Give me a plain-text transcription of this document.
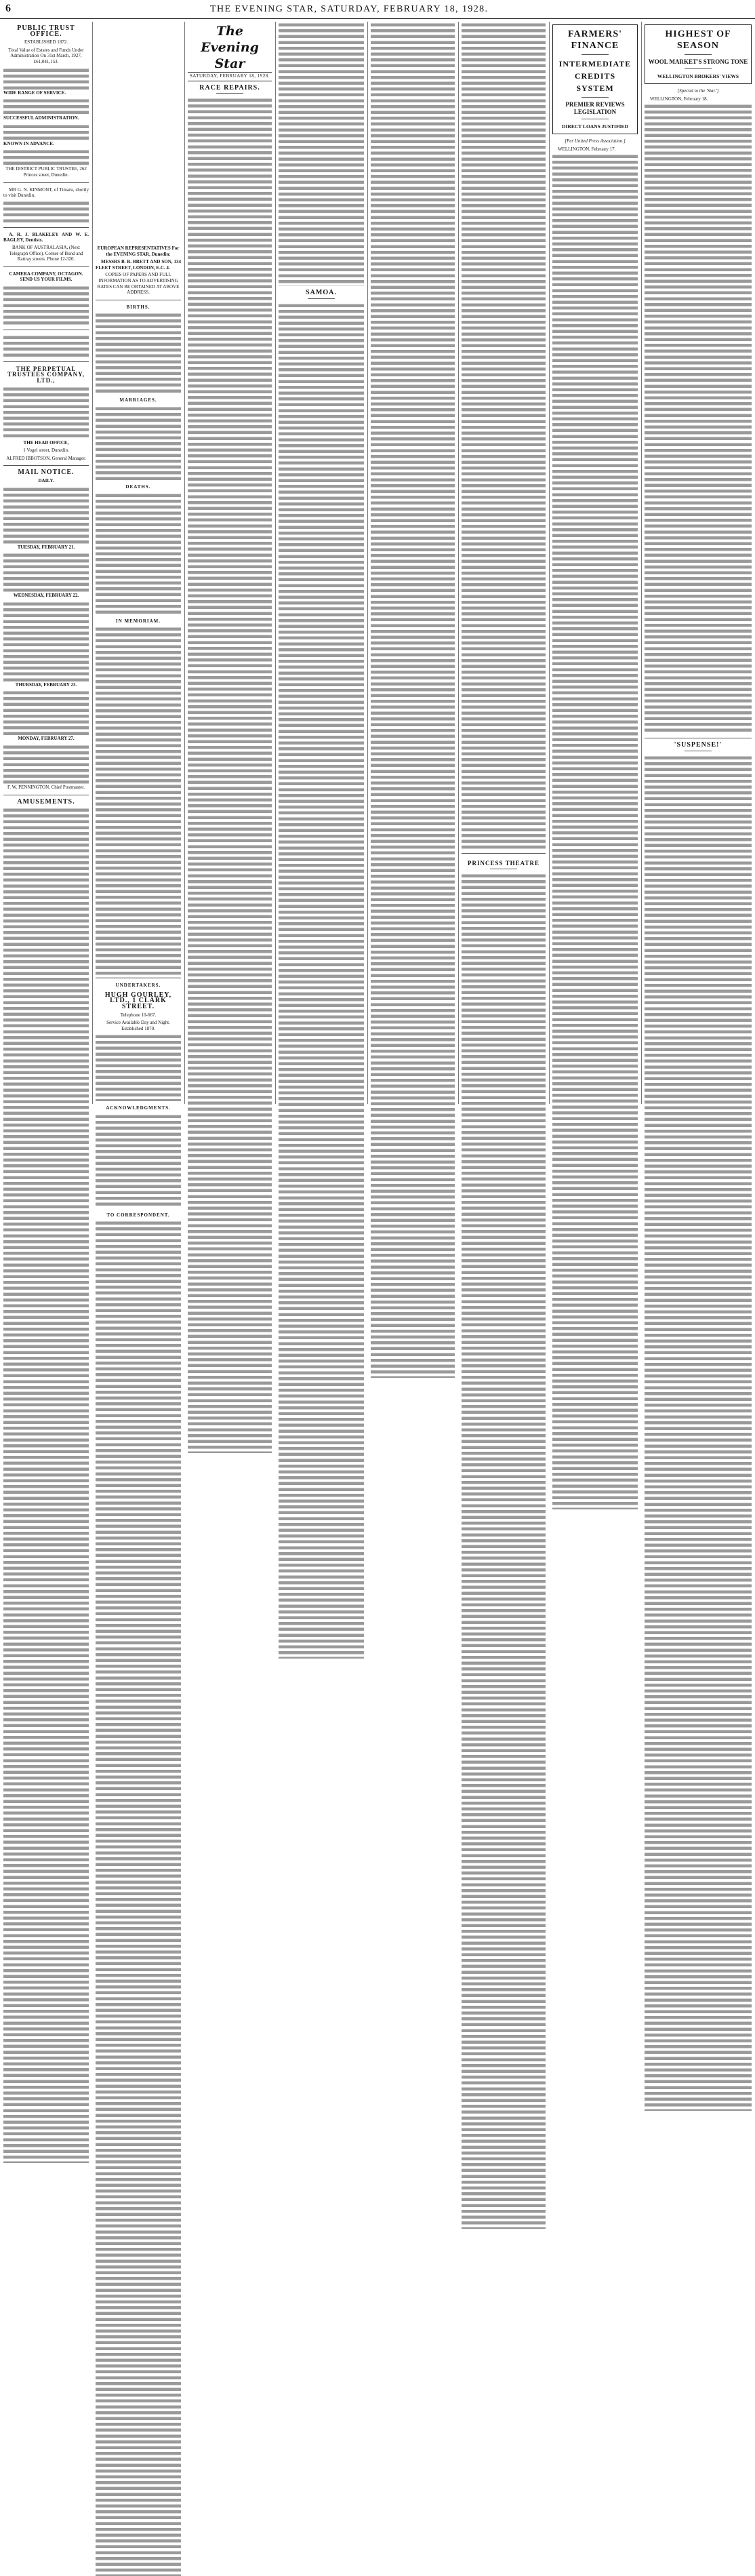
6	THE EVENING STAR, SATURDAY, FEBRUARY 18, 1928.
PUBLIC TRUST OFFICE.
ESTABLISHED 1872.
Total Value of Estates and Funds Under Administration On 31st March, 1927, £61,041,153.
WIDE RANGE OF SERVICE.
SUCCESSFUL ADMINISTRATION.
KNOWN IN ADVANCE.
THE DISTRICT PUBLIC TRUSTEE, 262 Princes street, Dunedin.

MR G. N. KINMONT, of Timaru, shortly to visit Dunedin.

A. R. J. BLAKELEY AND W. E. BAGLEY, Dentists.

BANK OF AUSTRALASIA, (Next Telegraph Office). Corner of Bond and Rattray streets. Phone 12-320.
CAMERA COMPANY, OCTAGON. SEND US YOUR FILMS.
THE PERPETUAL TRUSTEES COMPANY, LTD.,
THE HEAD OFFICE,
1 Vogel street, Dunedin.
ALFRED IBBOTSON, General Manager.
MAIL NOTICE.
DAILY.
TUESDAY, FEBRUARY 21.
WEDNESDAY, FEBRUARY 22.
THURSDAY, FEBRUARY 23.
MONDAY, FEBRUARY 27.
F. W. PENNINGTON, Chief Postmaster.
AMUSEMENTS.
EUROPEAN REPRESENTATIVES For the EVENING STAR, Dunedin:

MESSRS B. R. BRETT AND SON, 134 FLEET STREET, LONDON, E.C. 4.

COPIES OF PAPERS AND FULL INFORMATION AS TO ADVERTISING RATES CAN BE OBTAINED AT ABOVE ADDRESS.
BIRTHS.
MARRIAGES.
DEATHS.
IN MEMORIAM.
UNDERTAKERS.
HUGH GOURLEY, LTD., 1 CLARK STREET.
Telephone 10-667.
Service Available Day and Night. Established 1870.
ACKNOWLEDGMENTS.
TO CORRESPONDENT.
The Evening Star
SATURDAY, FEBRUARY 18, 1928.
RACE REPAIRS.
SAMOA.
PRINCESS THEATRE
FARMERS' FINANCE
INTERMEDIATE CREDITS SYSTEM
PREMIER REVIEWS LEGISLATION
DIRECT LOANS JUSTIFIED
[Per United Press Association.]

WELLINGTON, February 17.

HIGHEST OF SEASON
WOOL MARKET'S STRONG TONE
WELLINGTON BROKERS' VIEWS
[Special to the 'Star.']

WELLINGTON, February 18.

'SUSPENSE!'
